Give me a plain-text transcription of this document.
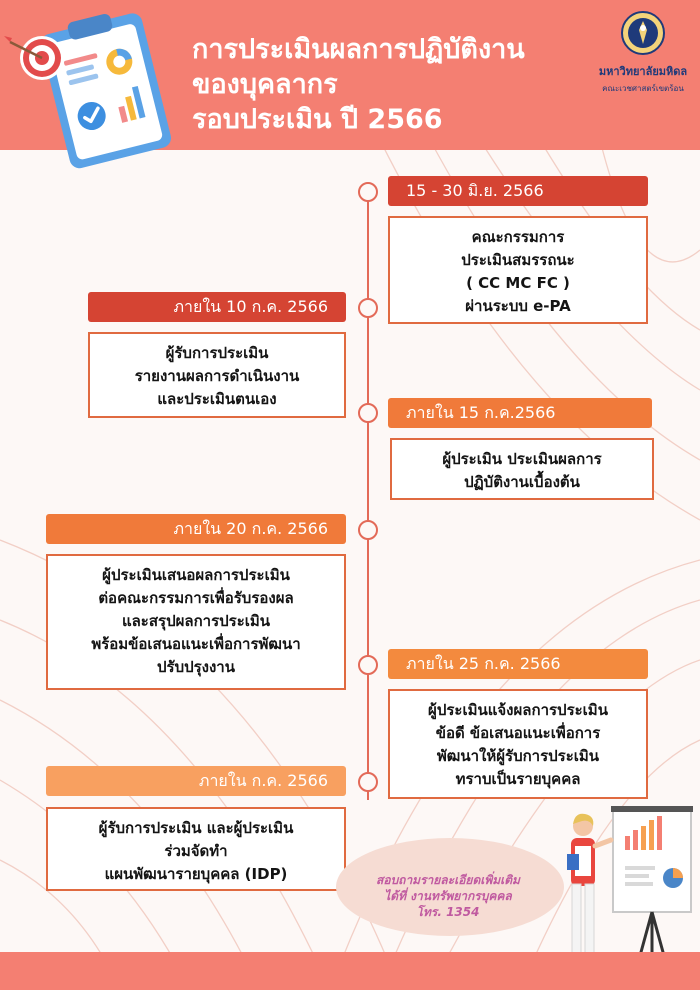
การประเมินผลการปฏิบัติงาน
ของบุคลากร
รอบประเมิน ปี 2566
มหาวิทยาลัยมหิดล
คณะเวชศาสตร์เขตร้อน
15 - 30 มิ.ย. 2566
คณะกรรมการ
ประเมินสมรรถนะ
( CC MC FC )
ผ่านระบบ e-PA
ภายใน 10 ก.ค. 2566
ผู้รับการประเมิน
รายงานผลการดำเนินงาน
และประเมินตนเอง
ภายใน 15 ก.ค.2566
ผู้ประเมิน ประเมินผลการ
ปฏิบัติงานเบื้องต้น
ภายใน 20 ก.ค. 2566
ผู้ประเมินเสนอผลการประเมิน
ต่อคณะกรรมการเพื่อรับรองผล
และสรุปผลการประเมิน
พร้อมข้อเสนอแนะเพื่อการพัฒนา
ปรับปรุงงาน	ภายใน 25 ก.ค. 2566
ผู้ประเมินแจ้งผลการประเมิน
ข้อดี ข้อเสนอแนะเพื่อการ
พัฒนาให้ผู้รับการประเมิน
ทราบเป็นรายบุคคล
ภายใน ก.ค. 2566
ผู้รับการประเมิน และผู้ประเมิน
ร่วมจัดทำ
แผนพัฒนารายบุคคล (IDP)	สอบถามรายละเอียดเพิ่มเติม
ได้ที่ งานทรัพยากรบุคคล
โทร. 1354
